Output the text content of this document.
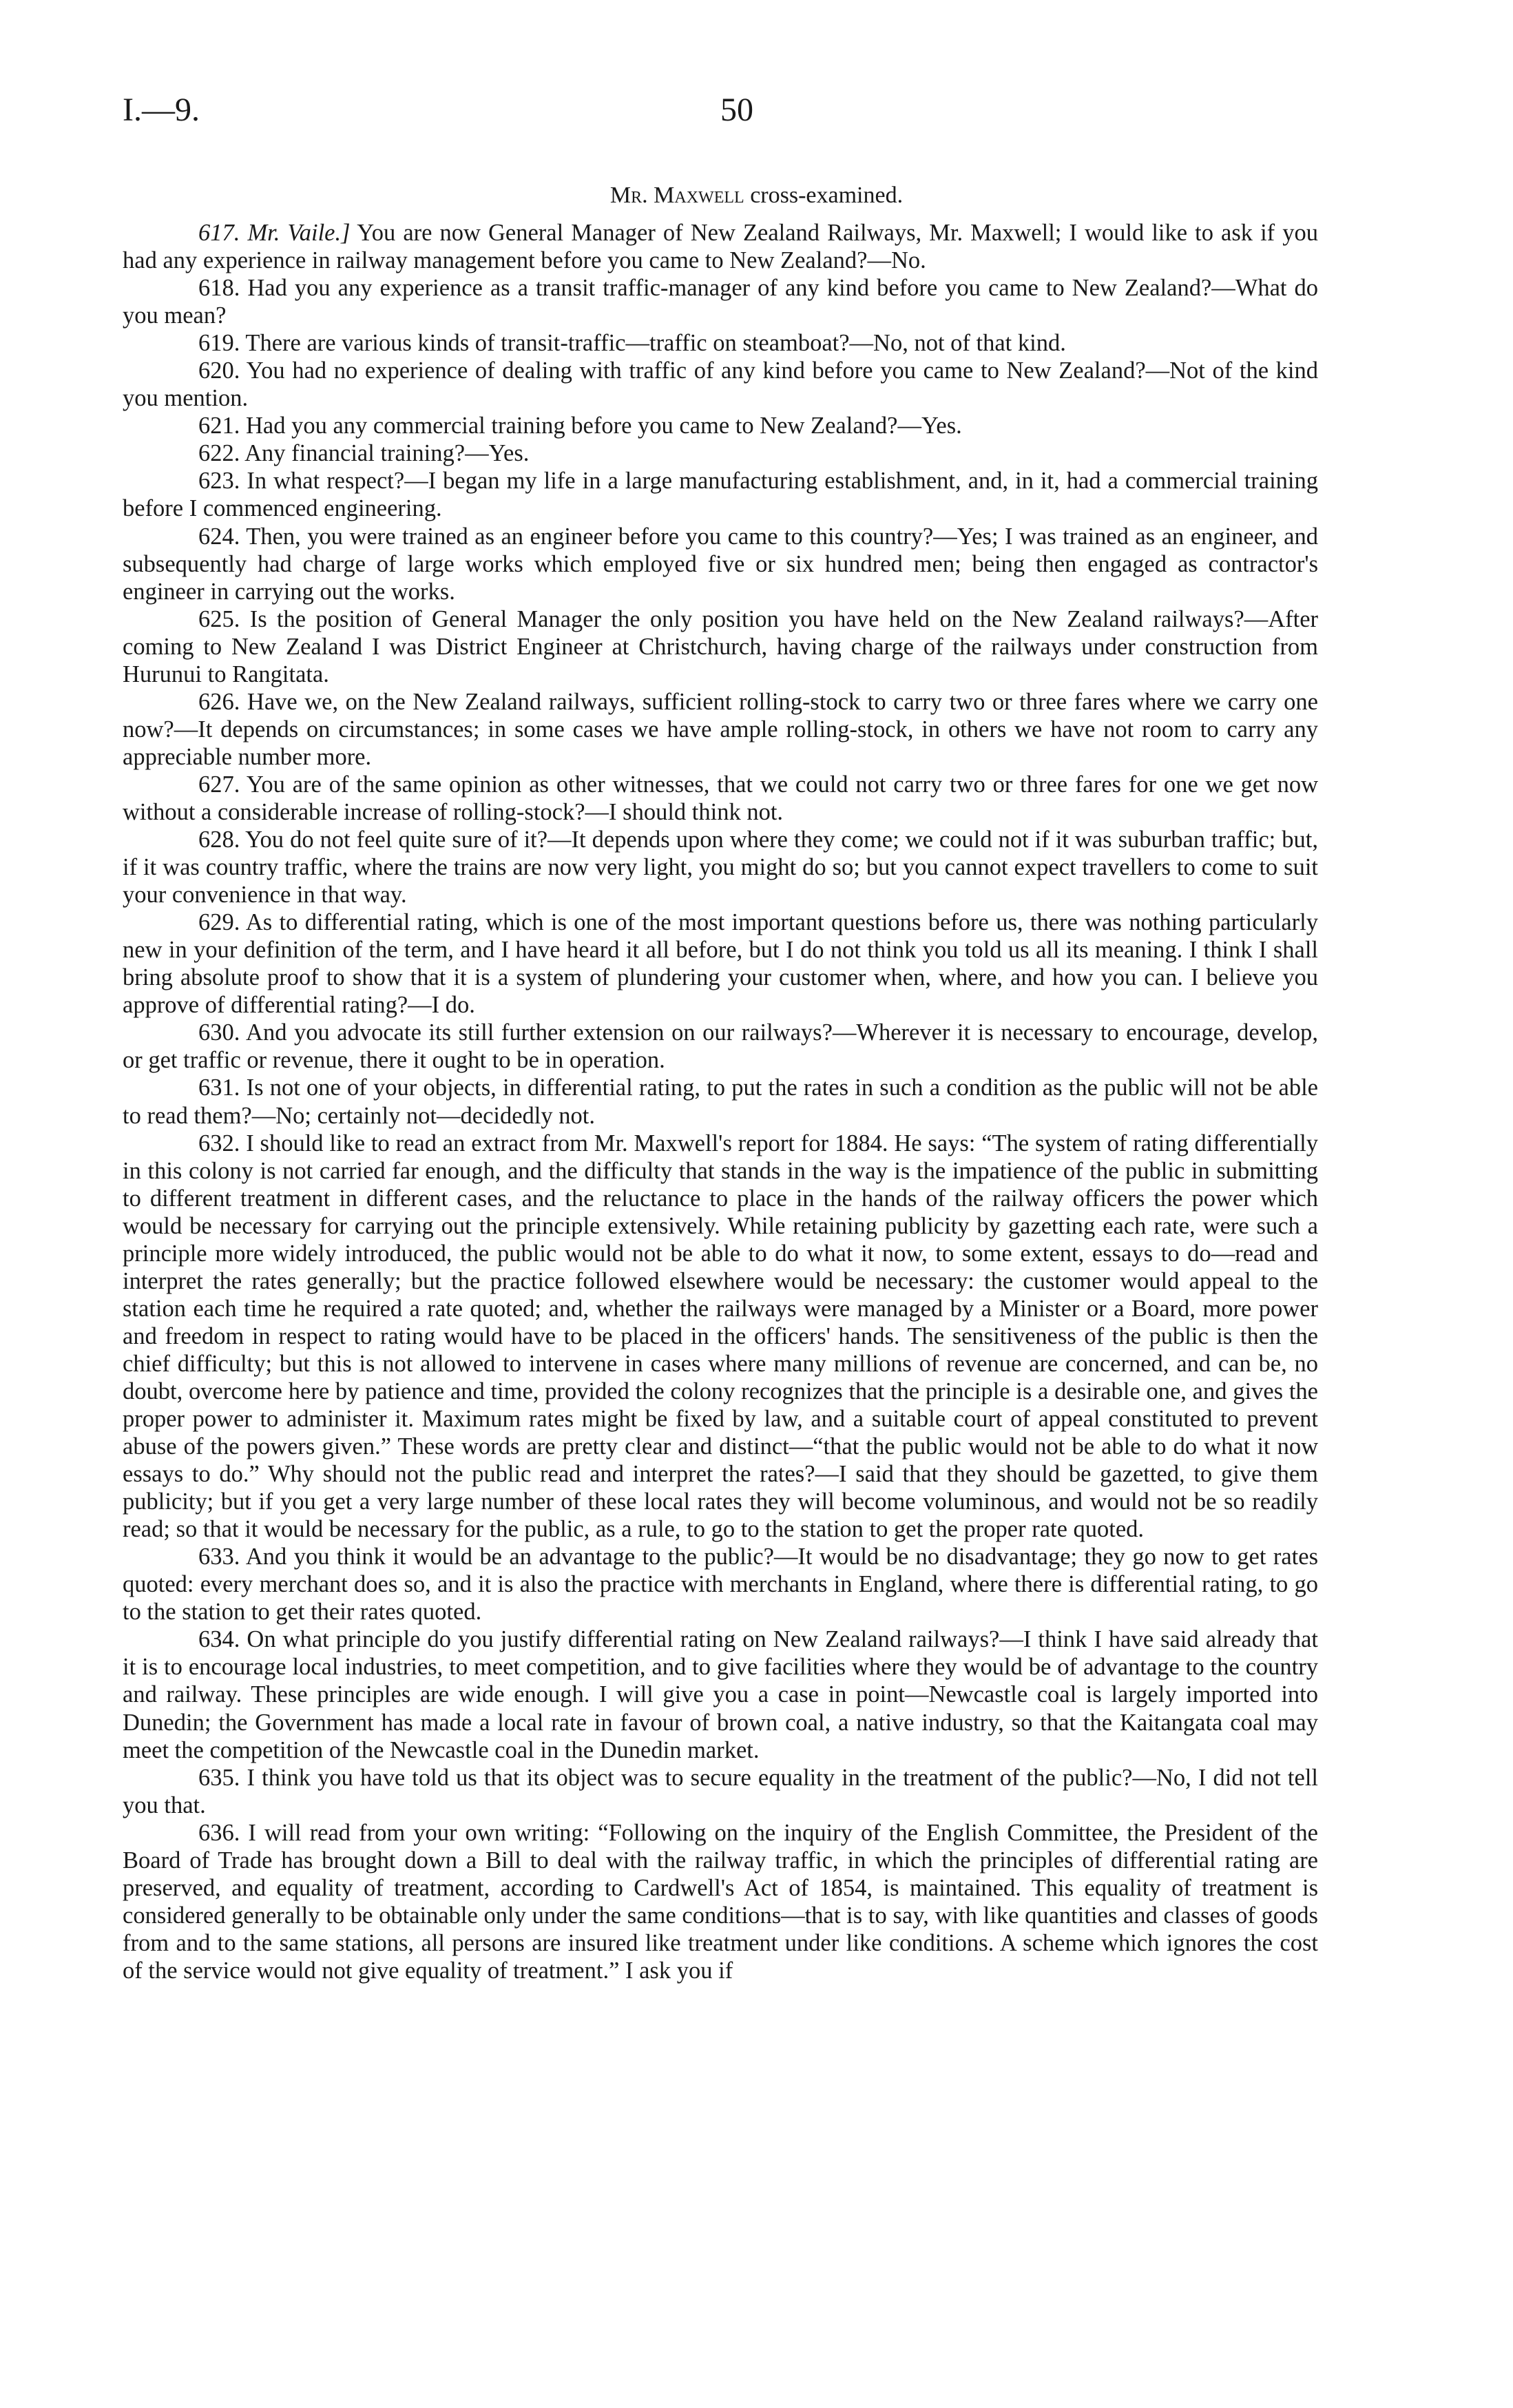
I.—9.	50
Mr. Maxwell cross-examined.

617. Mr. Vaile.] You are now General Manager of New Zealand Railways, Mr. Maxwell; I would like to ask if you had any experience in railway management before you came to New Zealand?—No.

618. Had you any experience as a transit traffic-manager of any kind before you came to New Zealand?—What do you mean?

619. There are various kinds of transit-traffic—traffic on steamboat?—No, not of that kind.

620. You had no experience of dealing with traffic of any kind before you came to New Zealand?—Not of the kind you mention.

621. Had you any commercial training before you came to New Zealand?—Yes.

622. Any financial training?—Yes.

623. In what respect?—I began my life in a large manufacturing establishment, and, in it, had a commercial training before I commenced engineering.

624. Then, you were trained as an engineer before you came to this country?—Yes; I was trained as an engineer, and subsequently had charge of large works which employed five or six hundred men; being then engaged as contractor's engineer in carrying out the works.

625. Is the position of General Manager the only position you have held on the New Zealand railways?—After coming to New Zealand I was District Engineer at Christchurch, having charge of the railways under construction from Hurunui to Rangitata.

626. Have we, on the New Zealand railways, sufficient rolling-stock to carry two or three fares where we carry one now?—It depends on circumstances; in some cases we have ample rolling-stock, in others we have not room to carry any appreciable number more.

627. You are of the same opinion as other witnesses, that we could not carry two or three fares for one we get now without a considerable increase of rolling-stock?—I should think not.

628. You do not feel quite sure of it?—It depends upon where they come; we could not if it was suburban traffic; but, if it was country traffic, where the trains are now very light, you might do so; but you cannot expect travellers to come to suit your convenience in that way.

629. As to differential rating, which is one of the most important questions before us, there was nothing particularly new in your definition of the term, and I have heard it all before, but I do not think you told us all its meaning. I think I shall bring absolute proof to show that it is a system of plundering your customer when, where, and how you can. I believe you approve of differential rating?—I do.

630. And you advocate its still further extension on our railways?—Wherever it is necessary to encourage, develop, or get traffic or revenue, there it ought to be in operation.

631. Is not one of your objects, in differential rating, to put the rates in such a condition as the public will not be able to read them?—No; certainly not—decidedly not.

632. I should like to read an extract from Mr. Maxwell's report for 1884. He says: “The system of rating differentially in this colony is not carried far enough, and the difficulty that stands in the way is the impatience of the public in submitting to different treatment in different cases, and the reluctance to place in the hands of the railway officers the power which would be necessary for carrying out the principle extensively. While retaining publicity by gazetting each rate, were such a principle more widely introduced, the public would not be able to do what it now, to some extent, essays to do—read and interpret the rates generally; but the practice followed elsewhere would be necessary: the customer would appeal to the station each time he required a rate quoted; and, whether the railways were managed by a Minister or a Board, more power and freedom in respect to rating would have to be placed in the officers' hands. The sensitiveness of the public is then the chief difficulty; but this is not allowed to intervene in cases where many millions of revenue are concerned, and can be, no doubt, overcome here by patience and time, provided the colony recognizes that the principle is a desirable one, and gives the proper power to administer it. Maximum rates might be fixed by law, and a suitable court of appeal constituted to prevent abuse of the powers given.” These words are pretty clear and distinct—“that the public would not be able to do what it now essays to do.” Why should not the public read and interpret the rates?—I said that they should be gazetted, to give them publicity; but if you get a very large number of these local rates they will become voluminous, and would not be so readily read; so that it would be necessary for the public, as a rule, to go to the station to get the proper rate quoted.

633. And you think it would be an advantage to the public?—It would be no disadvantage; they go now to get rates quoted: every merchant does so, and it is also the practice with merchants in England, where there is differential rating, to go to the station to get their rates quoted.

634. On what principle do you justify differential rating on New Zealand railways?—I think I have said already that it is to encourage local industries, to meet competition, and to give facilities where they would be of advantage to the country and railway. These principles are wide enough. I will give you a case in point—Newcastle coal is largely imported into Dunedin; the Government has made a local rate in favour of brown coal, a native industry, so that the Kaitangata coal may meet the competition of the Newcastle coal in the Dunedin market.

635. I think you have told us that its object was to secure equality in the treatment of the public?—No, I did not tell you that.

636. I will read from your own writing: “Following on the inquiry of the English Committee, the President of the Board of Trade has brought down a Bill to deal with the railway traffic, in which the principles of differential rating are preserved, and equality of treatment, according to Cardwell's Act of 1854, is maintained. This equality of treatment is considered generally to be obtainable only under the same conditions—that is to say, with like quantities and classes of goods from and to the same stations, all persons are insured like treatment under like conditions. A scheme which ignores the cost of the service would not give equality of treatment.” I ask you if
